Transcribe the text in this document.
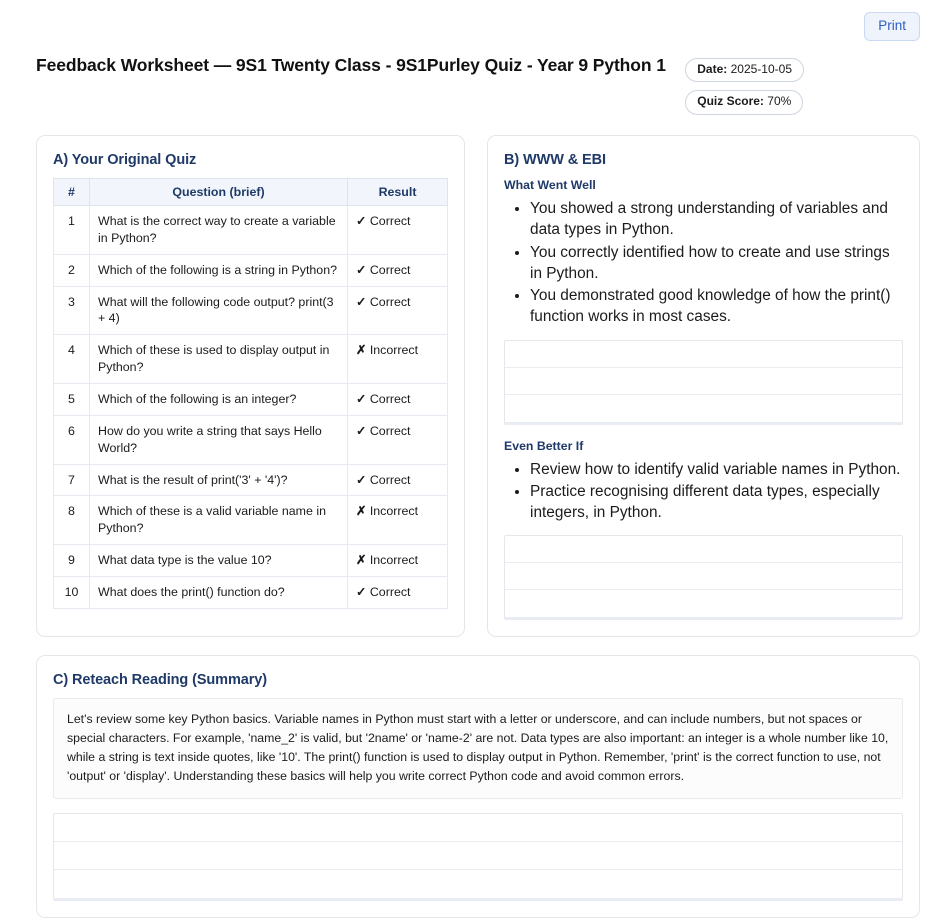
Print
Feedback Worksheet — 9S1 Twenty Class - 9S1Purley Quiz - Year 9 Python 1	Date: 2025-10-05
Quiz Score: 70%
A) Your Original Quiz
#	Question (brief)	Result
1	What is the correct way to create a variable in Python?	✓ Correct
2	Which of the following is a string in Python?	✓ Correct
3	What will the following code output? print(3 + 4)	✓ Correct
4	Which of these is used to display output in Python?	✗ Incorrect
5	Which of the following is an integer?	✓ Correct
6	How do you write a string that says Hello World?	✓ Correct
7	What is the result of print('3' + '4')?	✓ Correct
8	Which of these is a valid variable name in Python?	✗ Incorrect
9	What data type is the value 10?	✗ Incorrect
10	What does the print() function do?	✓ Correct
B) WWW & EBI
What Went Well
• You showed a strong understanding of variables and data types in Python.
• You correctly identified how to create and use strings in Python.
• You demonstrated good knowledge of how the print() function works in most cases.
Even Better If
• Review how to identify valid variable names in Python.
• Practice recognising different data types, especially integers, in Python.
C) Reteach Reading (Summary)
Let's review some key Python basics. Variable names in Python must start with a letter or underscore, and can include numbers, but not spaces or special characters. For example, 'name_2' is valid, but '2name' or 'name-2' are not. Data types are also important: an integer is a whole number like 10, while a string is text inside quotes, like '10'. The print() function is used to display output in Python. Remember, 'print' is the correct function to use, not 'output' or 'display'. Understanding these basics will help you write correct Python code and avoid common errors.
